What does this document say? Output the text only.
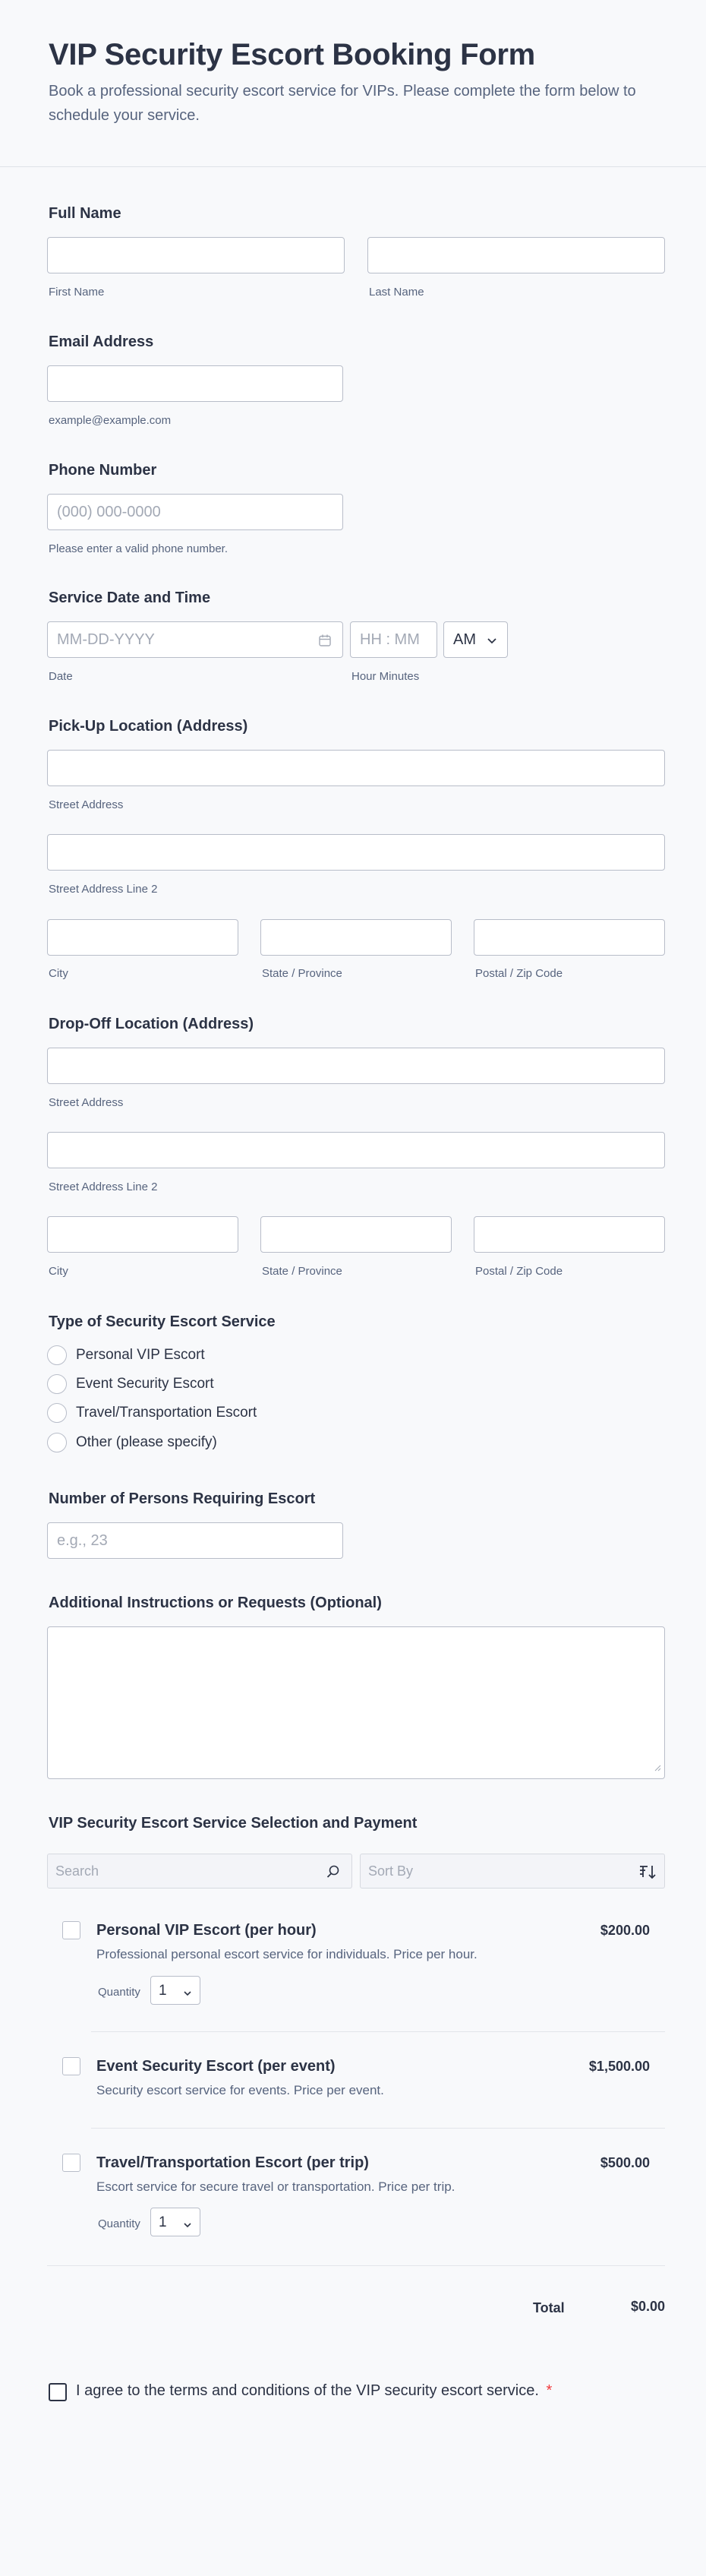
VIP Security Escort Booking Form
Book a professional security escort service for VIPs. Please complete the form below to schedule your service.
Full Name
First Name	Last Name
Email Address
example@example.com
Phone Number
(000) 000-0000
Please enter a valid phone number.
Service Date and Time
MM-DD-YYYY	HH : MM AM
Date	Hour Minutes
Pick-Up Location (Address)
Street Address
Street Address Line 2
City	State / Province	Postal / Zip Code
Drop-Off Location (Address)
Street Address
Street Address Line 2
City	State / Province	Postal / Zip Code
Type of Security Escort Service
Personal VIP Escort
Event Security Escort
Travel/Transportation Escort
Other (please specify)
Number of Persons Requiring Escort
e.g., 23
Additional Instructions or Requests (Optional)
VIP Security Escort Service Selection and Payment
Search	Sort By
Personal VIP Escort (per hour)
Professional personal escort service for individuals. Price per hour.
$200.00
Quantity 1
Event Security Escort (per event)
Security escort service for events. Price per event.
$1,500.00
Travel/Transportation Escort (per trip)
Escort service for secure travel or transportation. Price per trip.
$500.00
Quantity 1
Total	$0.00
I agree to the terms and conditions of the VIP security escort service. *
